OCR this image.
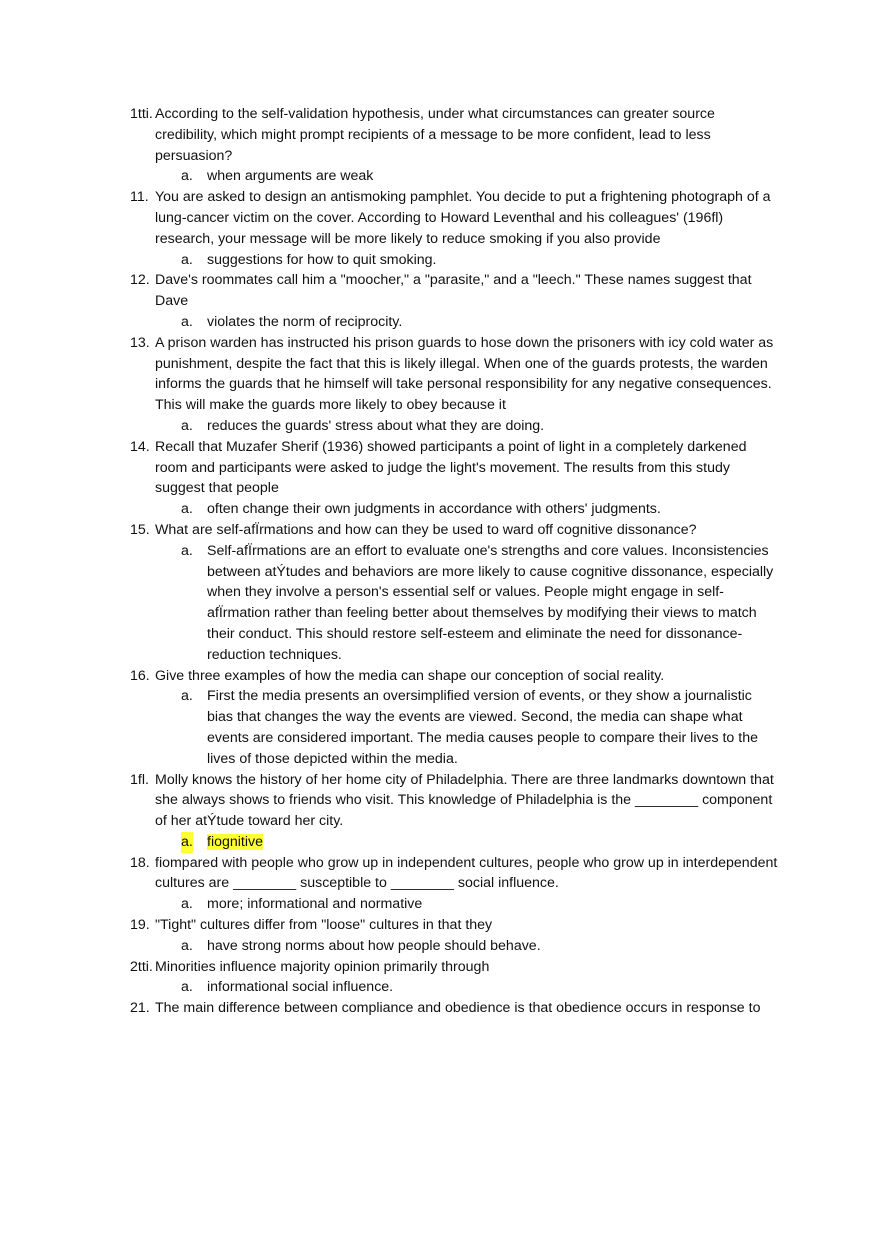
1tti. According to the self-validation hypothesis, under what circumstances can greater source credibility, which might prompt recipients of a message to be more confident, lead to less persuasion?
a. when arguments are weak
11. You are asked to design an antismoking pamphlet. You decide to put a frightening photograph of a lung-cancer victim on the cover. According to Howard Leventhal and his colleagues' (196fl) research, your message will be more likely to reduce smoking if you also provide
a. suggestions for how to quit smoking.
12. Dave's roommates call him a "moocher," a "parasite," and a "leech." These names suggest that Dave
a. violates the norm of reciprocity.
13. A prison warden has instructed his prison guards to hose down the prisoners with icy cold water as punishment, despite the fact that this is likely illegal. When one of the guards protests, the warden informs the guards that he himself will take personal responsibility for any negative consequences. This will make the guards more likely to obey because it
a. reduces the guards' stress about what they are doing.
14. Recall that Muzafer Sherif (1936) showed participants a point of light in a completely darkened room and participants were asked to judge the light's movement. The results from this study suggest that people
a. often change their own judgments in accordance with others' judgments.
15. What are self-afÏrmations and how can they be used to ward off cognitive dissonance?
a. Self-afÏrmations are an effort to evaluate one's strengths and core values. Inconsistencies between atÝtudes and behaviors are more likely to cause cognitive dissonance, especially when they involve a person's essential self or values. People might engage in self-afÏrmation rather than feeling better about themselves by modifying their views to match their conduct. This should restore self-esteem and eliminate the need for dissonance-reduction techniques.
16. Give three examples of how the media can shape our conception of social reality.
a. First the media presents an oversimplified version of events, or they show a journalistic bias that changes the way the events are viewed. Second, the media can shape what events are considered important. The media causes people to compare their lives to the lives of those depicted within the media.
1fl. Molly knows the history of her home city of Philadelphia. There are three landmarks downtown that she always shows to friends who visit. This knowledge of Philadelphia is the ________ component of her atÝtude toward her city.
a. fiognitive
18. fiompared with people who grow up in independent cultures, people who grow up in interdependent cultures are ________ susceptible to ________ social influence.
a. more; informational and normative
19. "Tight" cultures differ from "loose" cultures in that they
a. have strong norms about how people should behave.
2tti. Minorities influence majority opinion primarily through
a. informational social influence.
21. The main difference between compliance and obedience is that obedience occurs in response to
